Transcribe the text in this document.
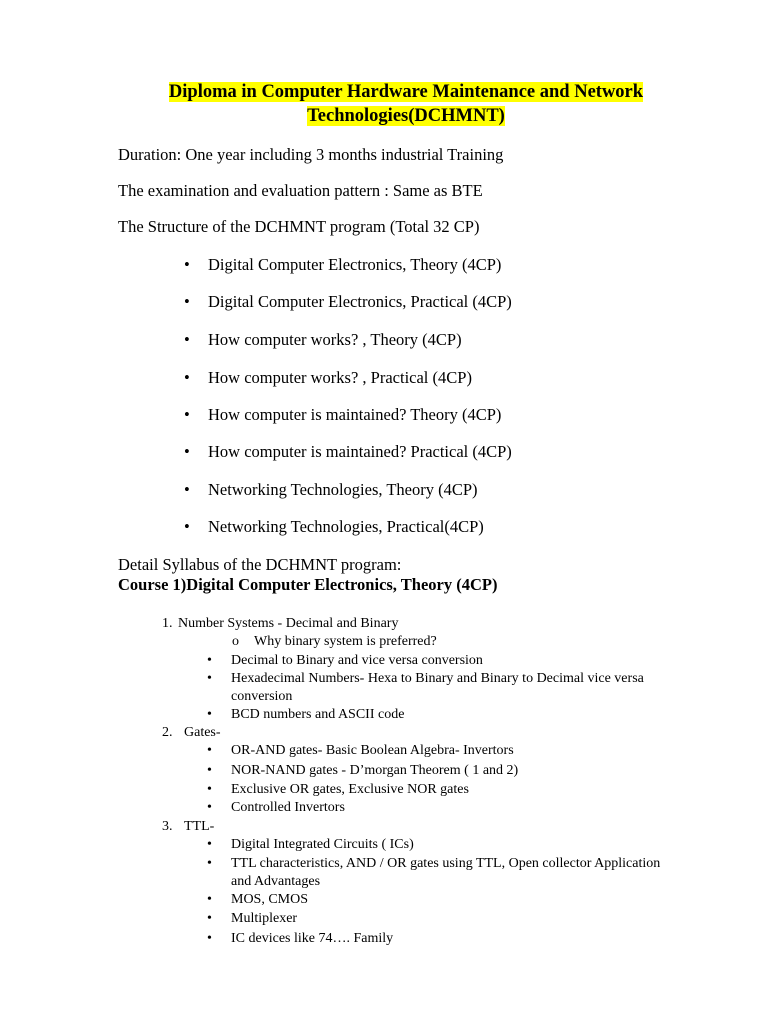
Diploma in Computer Hardware Maintenance and Network
Technologies(DCHMNT)
Duration: One year including 3 months industrial Training
The examination and evaluation pattern : Same as BTE
The Structure of the DCHMNT program (Total 32 CP)
• Digital Computer Electronics, Theory (4CP)
• Digital Computer Electronics, Practical (4CP)
• How computer works? , Theory (4CP)
• How computer works? , Practical (4CP)
• How computer is maintained? Theory (4CP)
• How computer is maintained? Practical (4CP)
• Networking Technologies, Theory (4CP)
• Networking Technologies, Practical(4CP)
Detail Syllabus of the DCHMNT program:
Course 1)Digital Computer Electronics, Theory (4CP)
1. Number Systems - Decimal and Binary
o Why binary system is preferred?
• Decimal to Binary and vice versa conversion
• Hexadecimal Numbers- Hexa to Binary and Binary to Decimal vice versa
conversion
• BCD numbers and ASCII code
2. Gates-
• OR-AND gates- Basic Boolean Algebra- Invertors
• NOR-NAND gates - D’morgan Theorem ( 1 and 2)
• Exclusive OR gates, Exclusive NOR gates
• Controlled Invertors
3. TTL-
• Digital Integrated Circuits ( ICs)
• TTL characteristics, AND / OR gates using TTL, Open collector Application
and Advantages
• MOS, CMOS
• Multiplexer
• IC devices like 74…. Family
